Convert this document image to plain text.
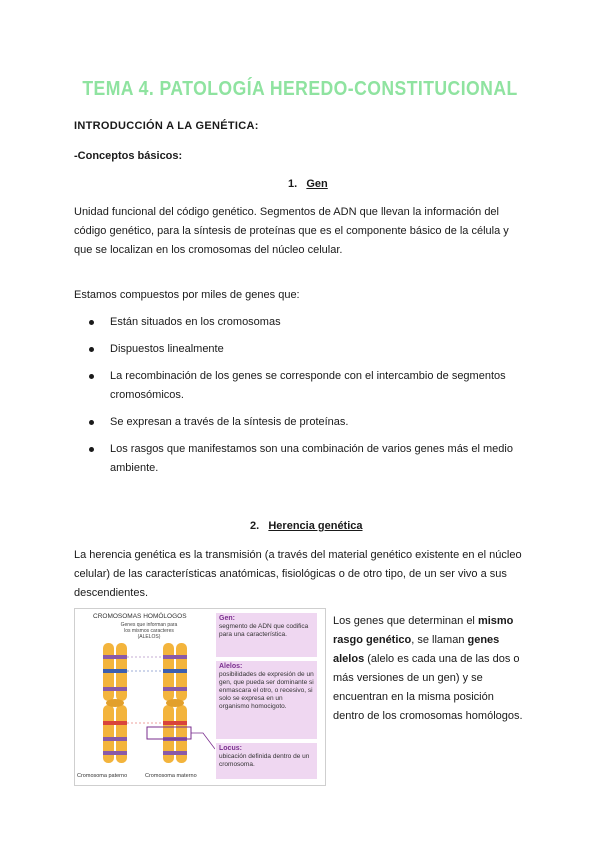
TEMA 4. PATOLOGÍA HEREDO-CONSTITUCIONAL
INTRODUCCIÓN A LA GENÉTICA:
-Conceptos básicos:
1. Gen
Unidad funcional del código genético. Segmentos de ADN que llevan la información del código genético, para la síntesis de proteínas que es el componente básico de la célula y que se localizan en los cromosomas del núcleo celular.
Estamos compuestos por miles de genes que:
Están situados en los cromosomas
Dispuestos linealmente
La recombinación de los genes se corresponde con el intercambio de segmentos cromosómicos.
Se expresan a través de la síntesis de proteínas.
Los rasgos que manifestamos son una combinación de varios genes más el medio ambiente.
2. Herencia genética
La herencia genética es la transmisión (a través del material genético existente en el núcleo celular) de las características anatómicas, fisiológicas o de otro tipo, de un ser vivo a sus descendientes.
CROMOSOMAS HOMÓLOGOS
Genes que informan para los mismos caracteres (ALELOS)
Cromosoma paterno	Cromosoma materno
Gen:
segmento de ADN que codifica para una característica.
Alelos:
posibilidades de expresión de un gen, que pueda ser dominante si enmascara el otro, o recesivo, si solo se expresa en un organismo homocigoto.
Locus:
ubicación definida dentro de un cromosoma.
Los genes que determinan el mismo rasgo genético, se llaman genes alelos (alelo es cada una de las dos o más versiones de un gen) y se encuentran en la misma posición dentro de los cromosomas homólogos.
